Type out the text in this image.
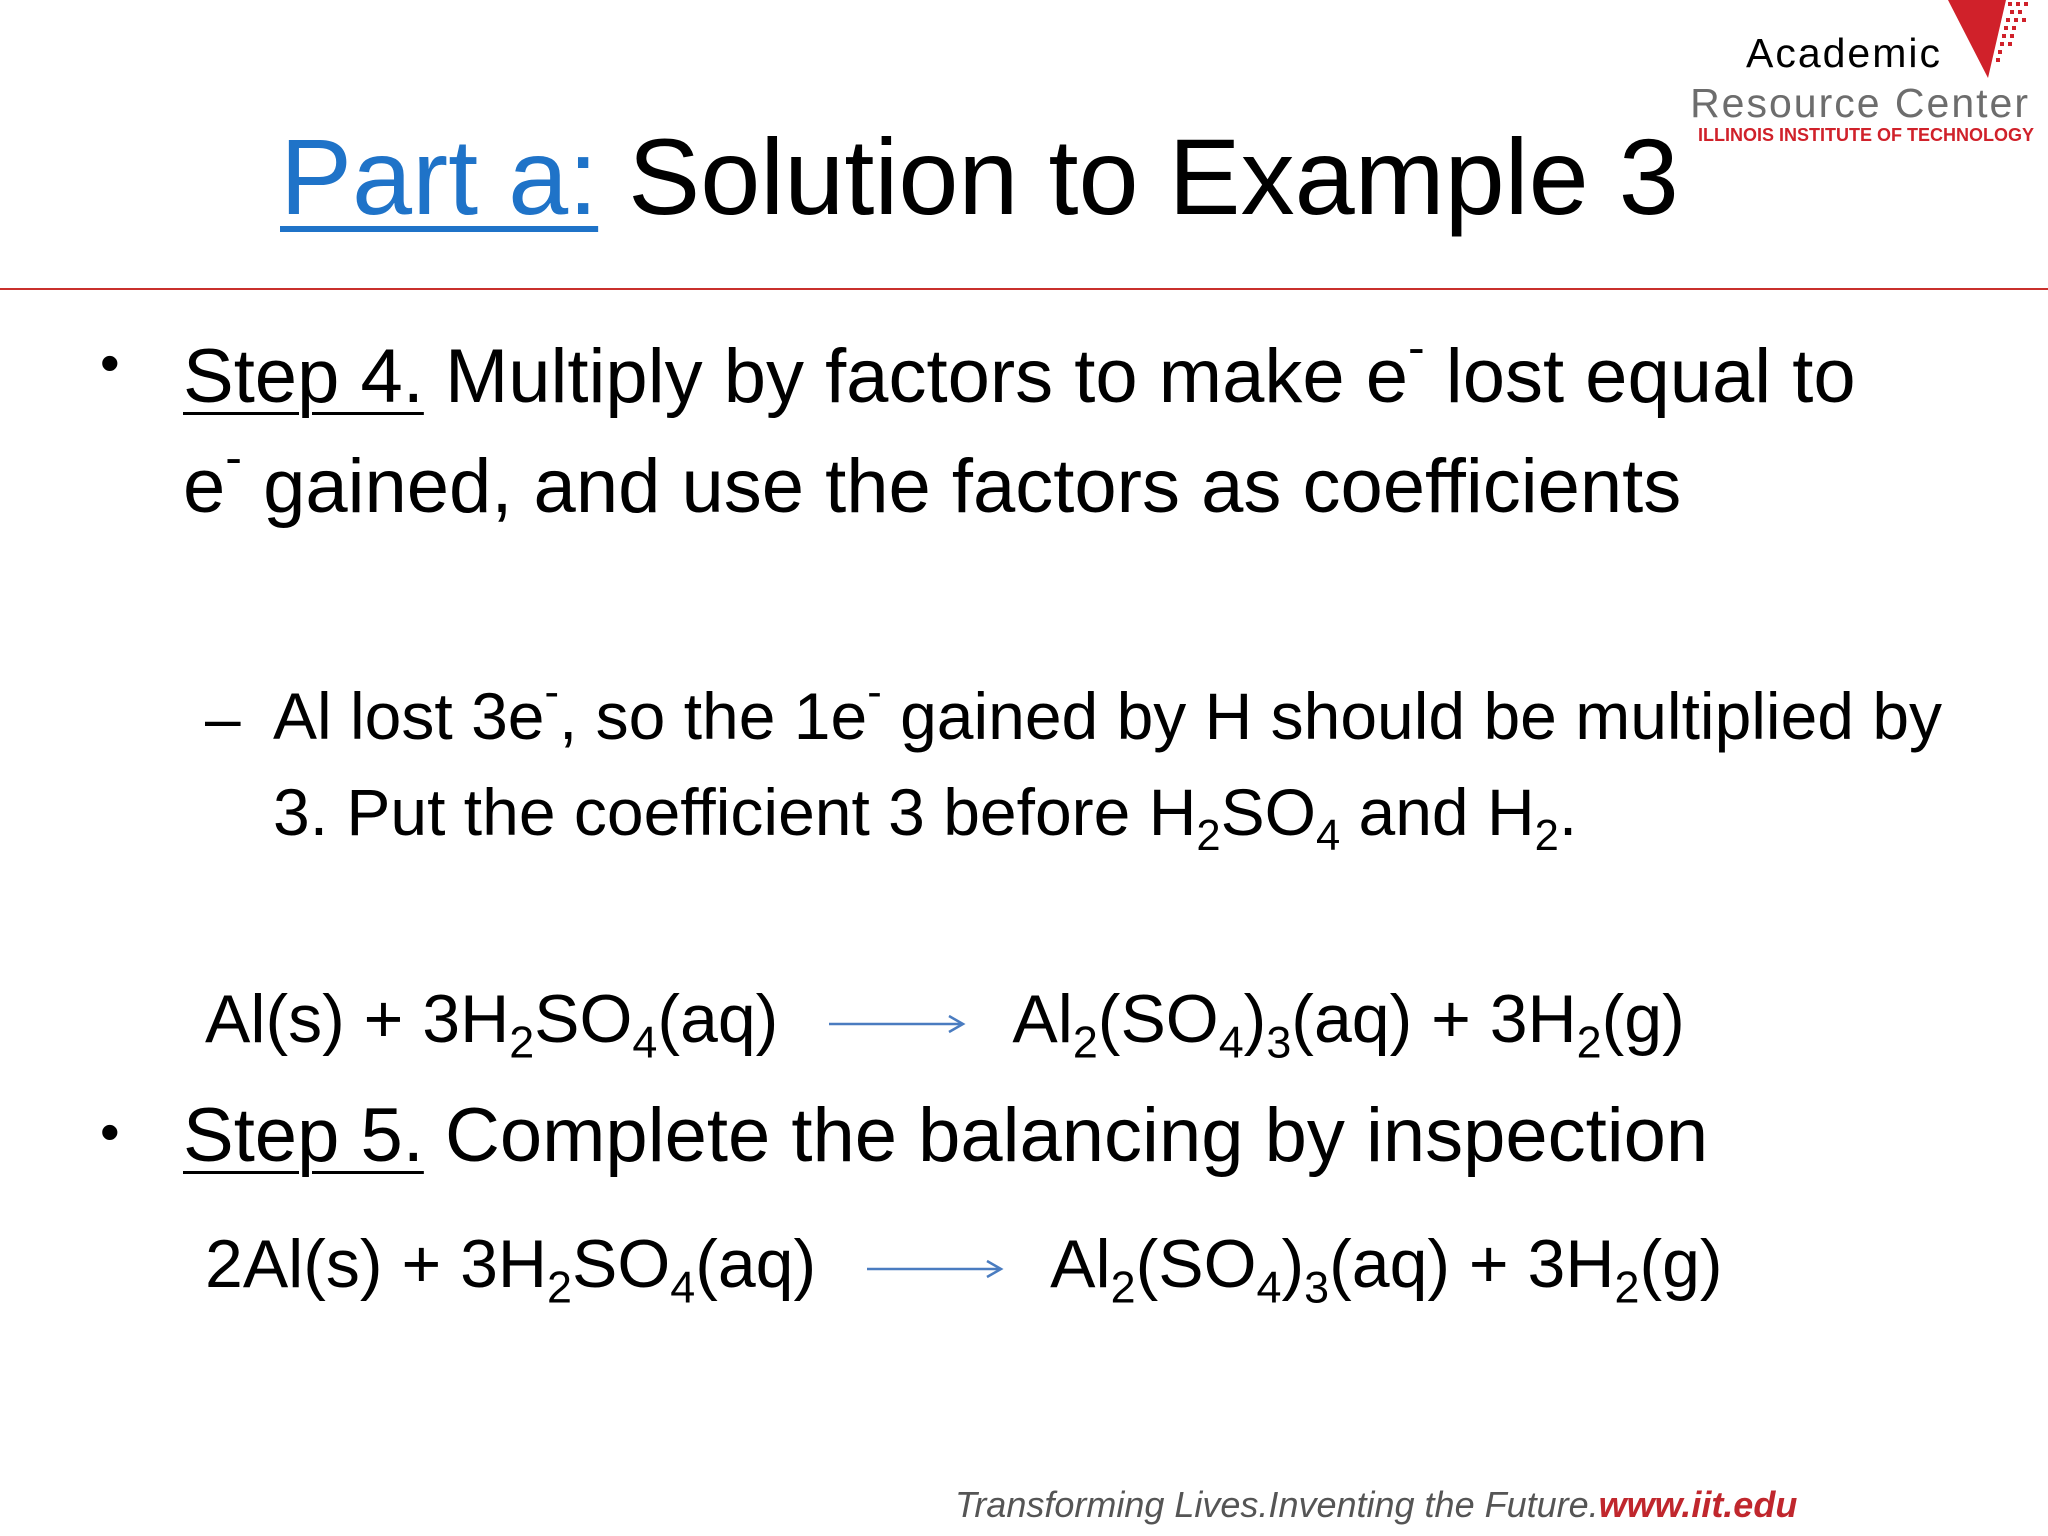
Academic
Resource Center
ILLINOIS INSTITUTE OF TECHNOLOGY
Part a: Solution to Example 3
• Step 4. Multiply by factors to make e- lost equal to e- gained, and use the factors as coefficients
– Al lost 3e-, so the 1e- gained by H should be multiplied by 3. Put the coefficient 3 before $H_2SO_4$ and $H_2$.
$Al(s) + 3H_2SO_4(aq) \to Al_2(SO_4)_3(aq) + 3H_2(g)$
• Step 5. Complete the balancing by inspection
$2Al(s) + 3H_2SO_4(aq) \to Al_2(SO_4)_3(aq) + 3H_2(g)$
Transforming Lives.Inventing the Future.www.iit.edu
